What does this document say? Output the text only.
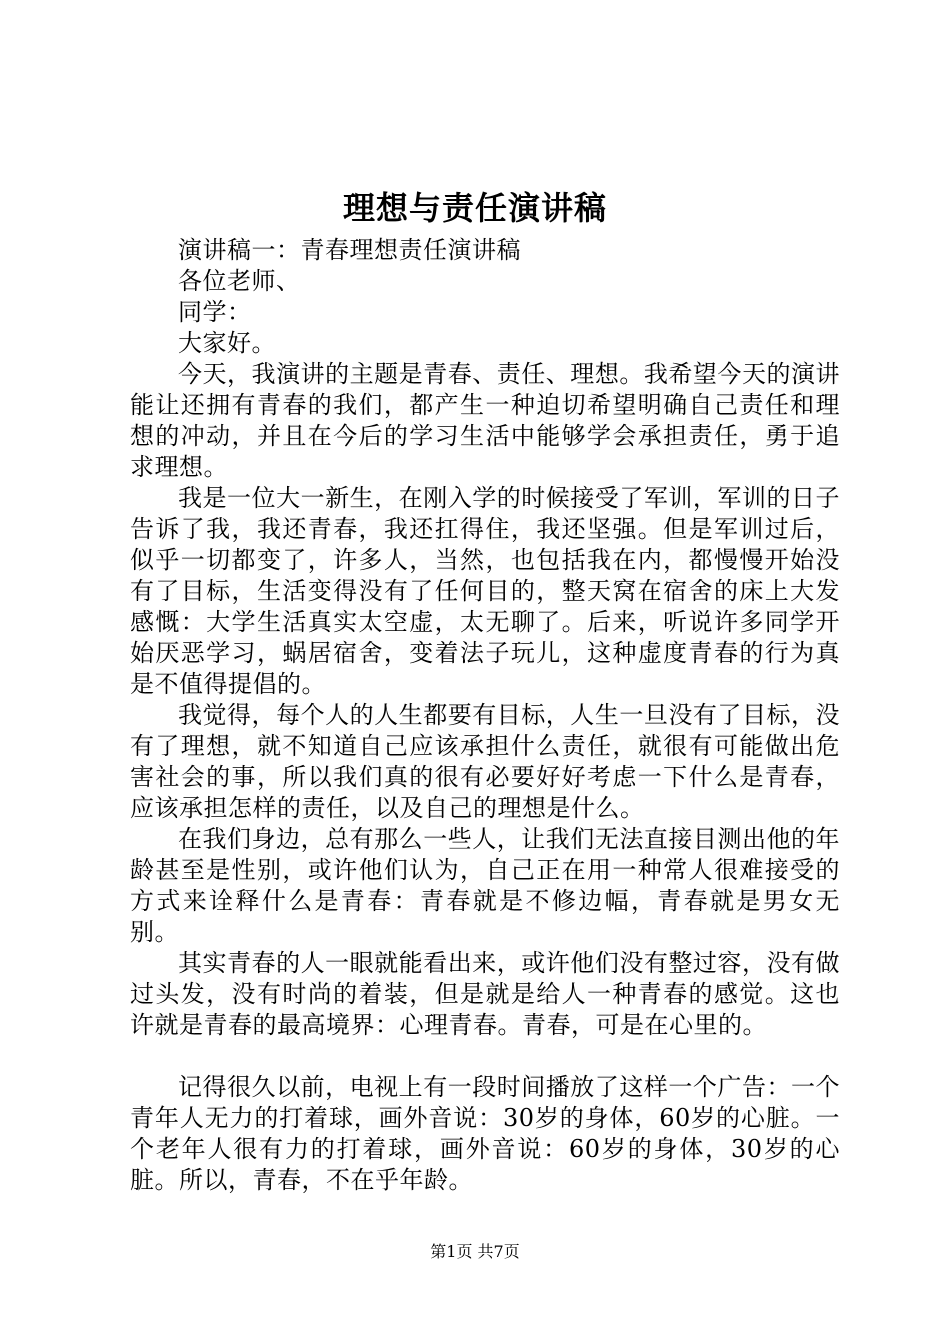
理想与责任演讲稿

演讲稿一：青春理想责任演讲稿

各位老师、

同学：

大家好。

今天，我演讲的主题是青春、责任、理想。我希望今天的演讲能让还拥有青春的我们，都产生一种迫切希望明确自己责任和理想的冲动，并且在今后的学习生活中能够学会承担责任，勇于追求理想。

我是一位大一新生，在刚入学的时候接受了军训，军训的日子告诉了我，我还青春，我还扛得住，我还坚强。但是军训过后，似乎一切都变了，许多人，当然，也包括我在内，都慢慢开始没有了目标，生活变得没有了任何目的，整天窝在宿舍的床上大发感慨：大学生活真实太空虚，太无聊了。后来，听说许多同学开始厌恶学习，蜗居宿舍，变着法子玩儿，这种虚度青春的行为真是不值得提倡的。

我觉得，每个人的人生都要有目标，人生一旦没有了目标，没有了理想，就不知道自己应该承担什么责任，就很有可能做出危害社会的事，所以我们真的很有必要好好考虑一下什么是青春，应该承担怎样的责任，以及自己的理想是什么。

在我们身边，总有那么一些人，让我们无法直接目测出他的年龄甚至是性别，或许他们认为，自己正在用一种常人很难接受的方式来诠释什么是青春：青春就是不修边幅，青春就是男女无别。

其实青春的人一眼就能看出来，或许他们没有整过容，没有做过头发，没有时尚的着装，但是就是给人一种青春的感觉。这也许就是青春的最高境界：心理青春。青春，可是在心里的。

记得很久以前，电视上有一段时间播放了这样一个广告：一个青年人无力的打着球，画外音说：30岁的身体，60岁的心脏。一个老年人很有力的打着球，画外音说：60岁的身体，30岁的心脏。所以，青春，不在乎年龄。

第1页 共7页
